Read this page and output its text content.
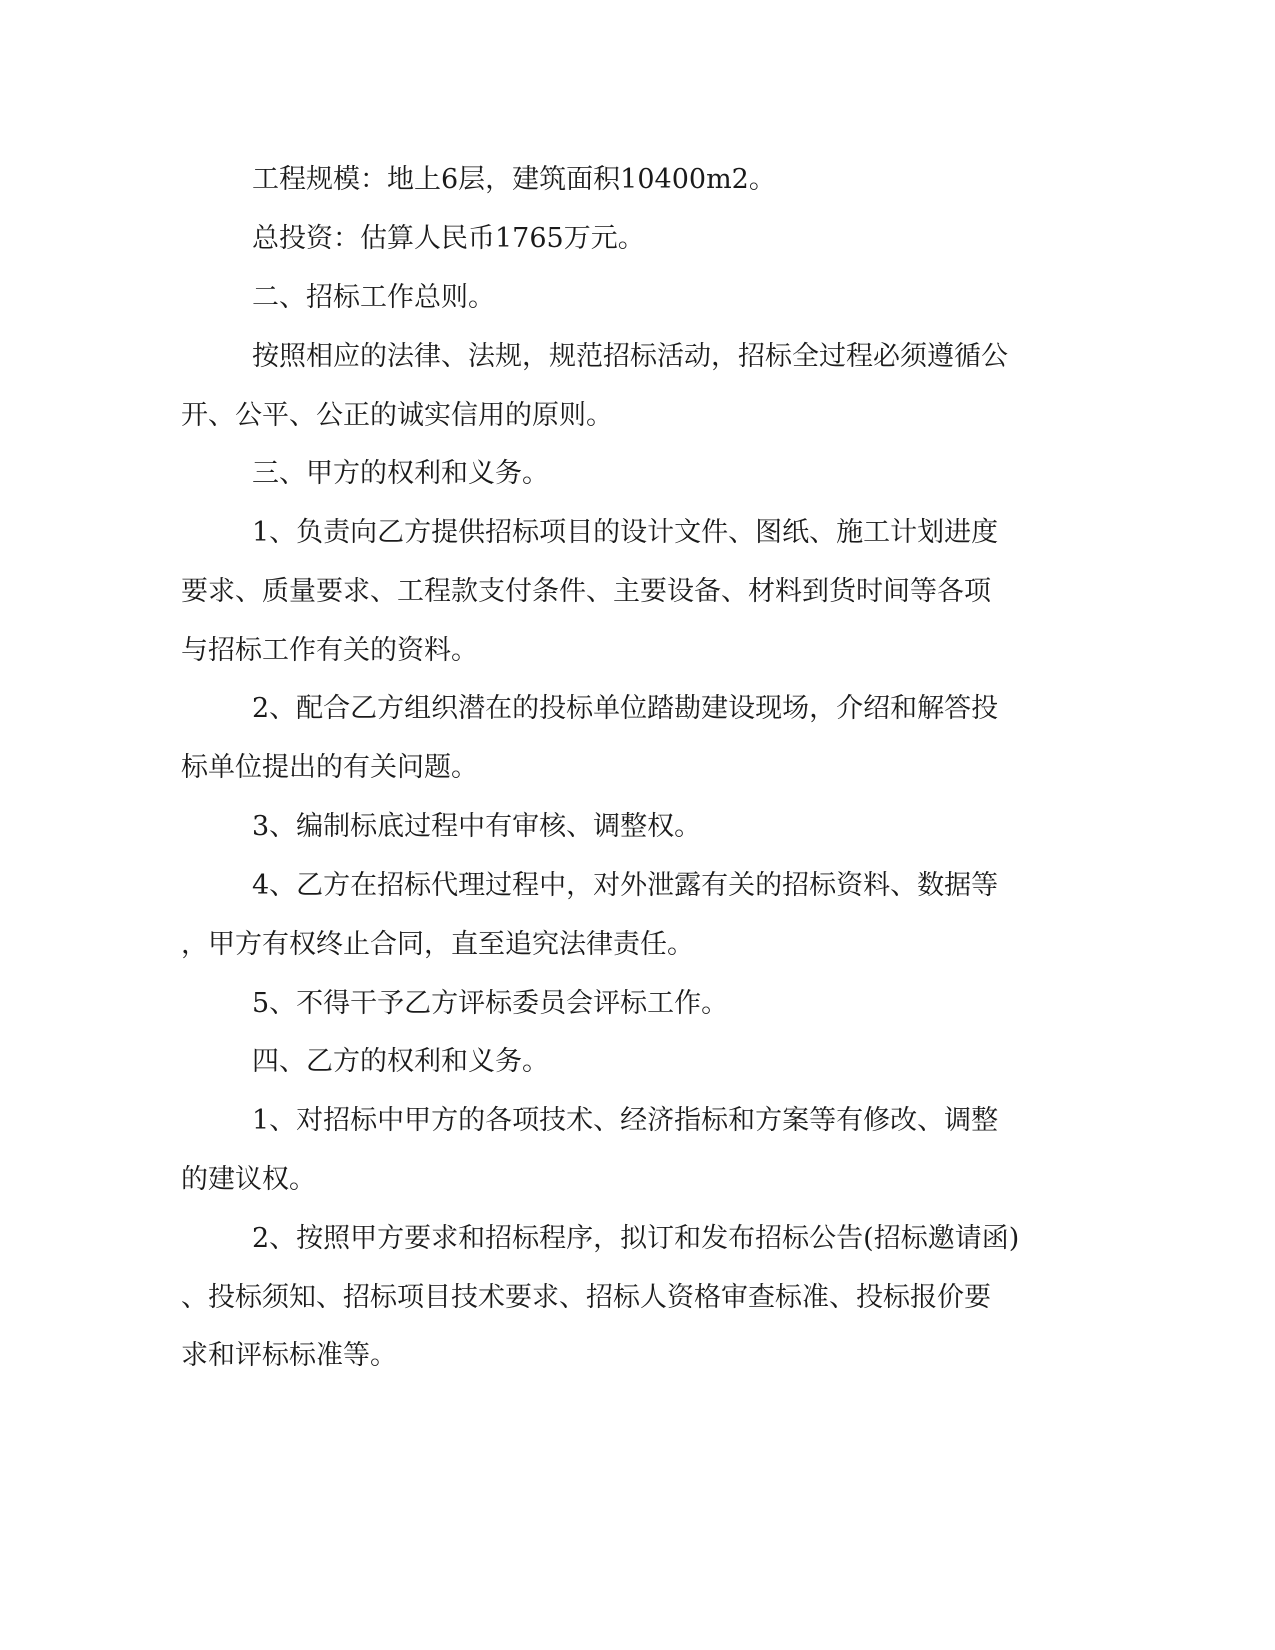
工程规模：地上6层，建筑面积10400m2。

总投资：估算人民币1765万元。

二、招标工作总则。

按照相应的法律、法规，规范招标活动，招标全过程必须遵循公

开、公平、公正的诚实信用的原则。

三、甲方的权利和义务。

1、负责向乙方提供招标项目的设计文件、图纸、施工计划进度

要求、质量要求、工程款支付条件、主要设备、材料到货时间等各项

与招标工作有关的资料。

2、配合乙方组织潜在的投标单位踏勘建设现场，介绍和解答投

标单位提出的有关问题。

3、编制标底过程中有审核、调整权。

4、乙方在招标代理过程中，对外泄露有关的招标资料、数据等

，甲方有权终止合同，直至追究法律责任。

5、不得干予乙方评标委员会评标工作。

四、乙方的权利和义务。

1、对招标中甲方的各项技术、经济指标和方案等有修改、调整

的建议权。

2、按照甲方要求和招标程序，拟订和发布招标公告(招标邀请函)

、投标须知、招标项目技术要求、招标人资格审查标准、投标报价要

求和评标标准等。
